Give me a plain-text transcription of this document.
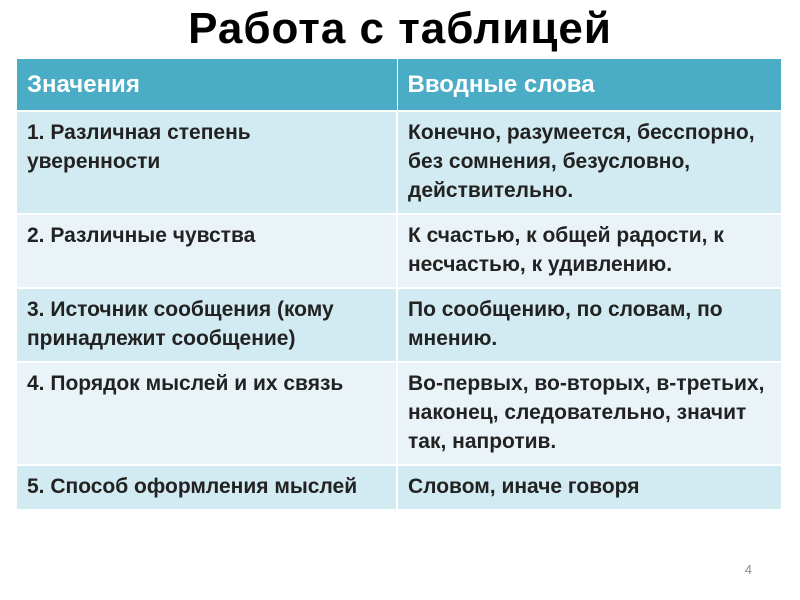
Работа с таблицей
Значения	Вводные слова
1. Различная степень уверенности	Конечно, разумеется, бесспорно, без сомнения, безусловно, действительно.
2. Различные чувства	К счастью, к общей радости, к несчастью, к удивлению.
3. Источник сообщения (кому принадлежит сообщение)	По сообщению, по словам, по мнению.
4. Порядок мыслей и их связь	Во-первых, во-вторых, в-третьих, наконец, следовательно, значит так, напротив.
5. Способ оформления мыслей	Словом, иначе говоря
4
